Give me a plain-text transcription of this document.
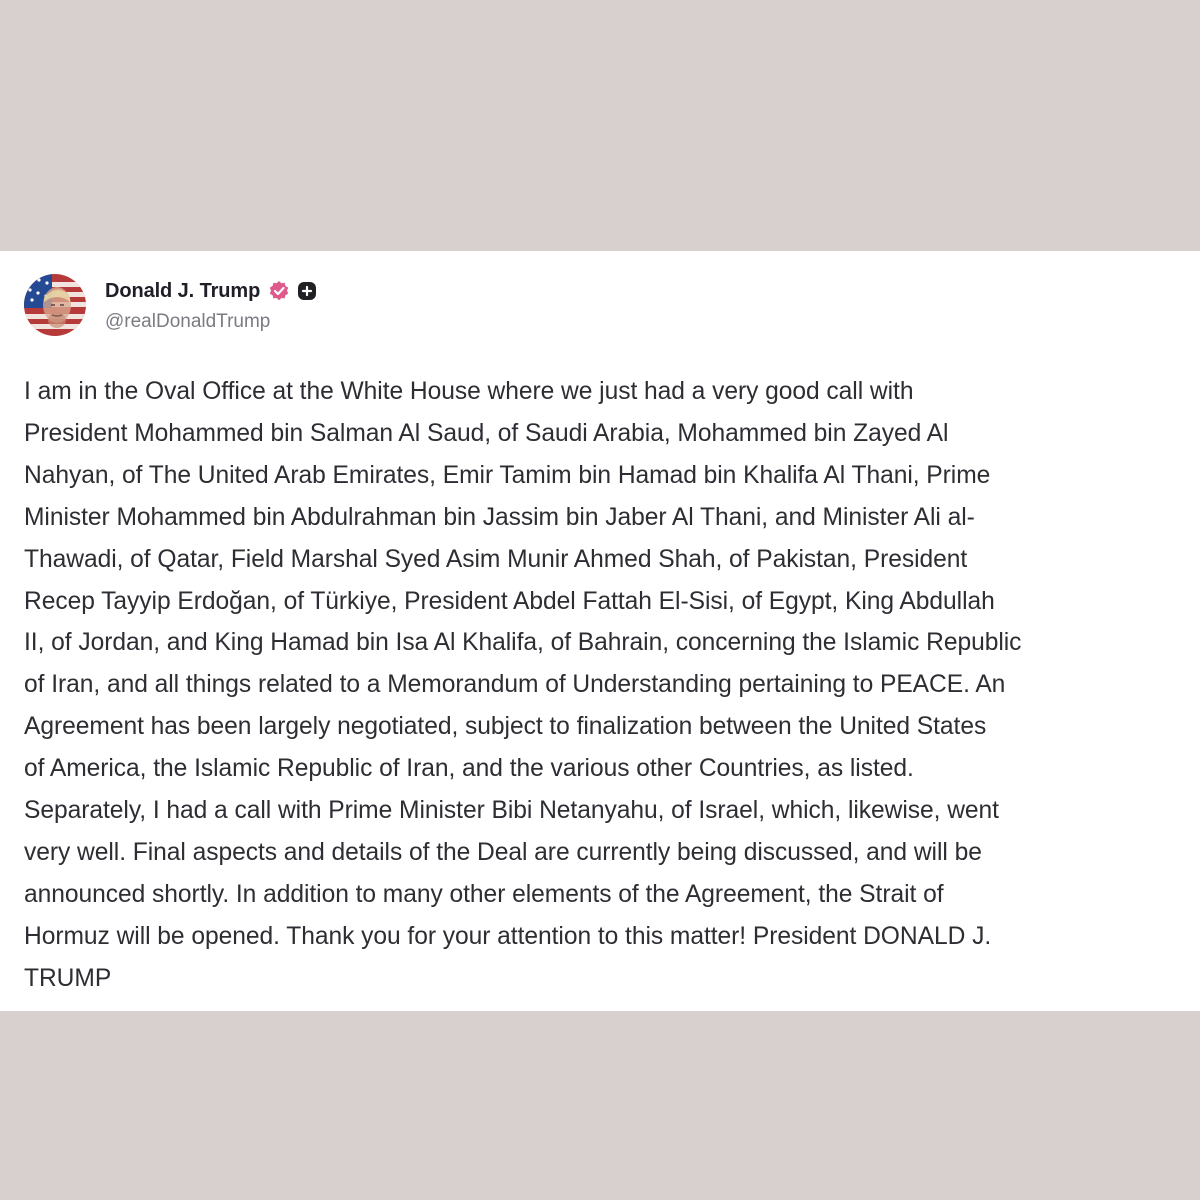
Donald J. Trump
@realDonaldTrump

I am in the Oval Office at the White House where we just had a very good call with
President Mohammed bin Salman Al Saud, of Saudi Arabia, Mohammed bin Zayed Al
Nahyan, of The United Arab Emirates, Emir Tamim bin Hamad bin Khalifa Al Thani, Prime
Minister Mohammed bin Abdulrahman bin Jassim bin Jaber Al Thani, and Minister Ali al-
Thawadi, of Qatar, Field Marshal Syed Asim Munir Ahmed Shah, of Pakistan, President
Recep Tayyip Erdoğan, of Türkiye, President Abdel Fattah El-Sisi, of Egypt, King Abdullah
II, of Jordan, and King Hamad bin Isa Al Khalifa, of Bahrain, concerning the Islamic Republic
of Iran, and all things related to a Memorandum of Understanding pertaining to PEACE. An
Agreement has been largely negotiated, subject to finalization between the United States
of America, the Islamic Republic of Iran, and the various other Countries, as listed.
Separately, I had a call with Prime Minister Bibi Netanyahu, of Israel, which, likewise, went
very well. Final aspects and details of the Deal are currently being discussed, and will be
announced shortly. In addition to many other elements of the Agreement, the Strait of
Hormuz will be opened. Thank you for your attention to this matter! President DONALD J.
TRUMP
